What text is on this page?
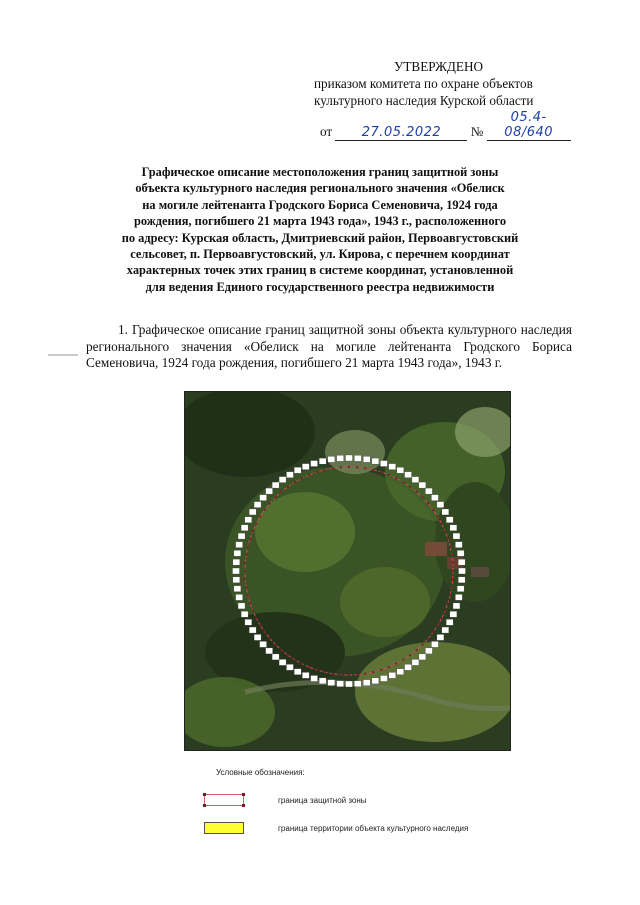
УТВЕРЖДЕНО
приказом комитета по охране объектов
культурного наследия Курской области
от 27.05.2022 № 05.4-08/640
Графическое описание местоположения границ защитной зоны
объекта культурного наследия регионального значения «Обелиск
на могиле лейтенанта Гродского Бориса Семеновича, 1924 года
рождения, погибшего 21 марта 1943 года», 1943 г., расположенного
по адресу: Курская область, Дмитриевский район, Первоавгустовский
сельсовет, п. Первоавгустовский, ул. Кирова, с перечнем координат
характерных точек этих границ в системе координат, установленной
для ведения Единого государственного реестра недвижимости
1. Графическое описание границ защитной зоны объекта культурного наследия регионального значения «Обелиск на могиле лейтенанта Гродского Бориса Семеновича, 1924 года рождения, погибшего 21 марта 1943 года», 1943 г.
Условные обозначения:
граница защитной зоны
граница территории объекта культурного наследия
